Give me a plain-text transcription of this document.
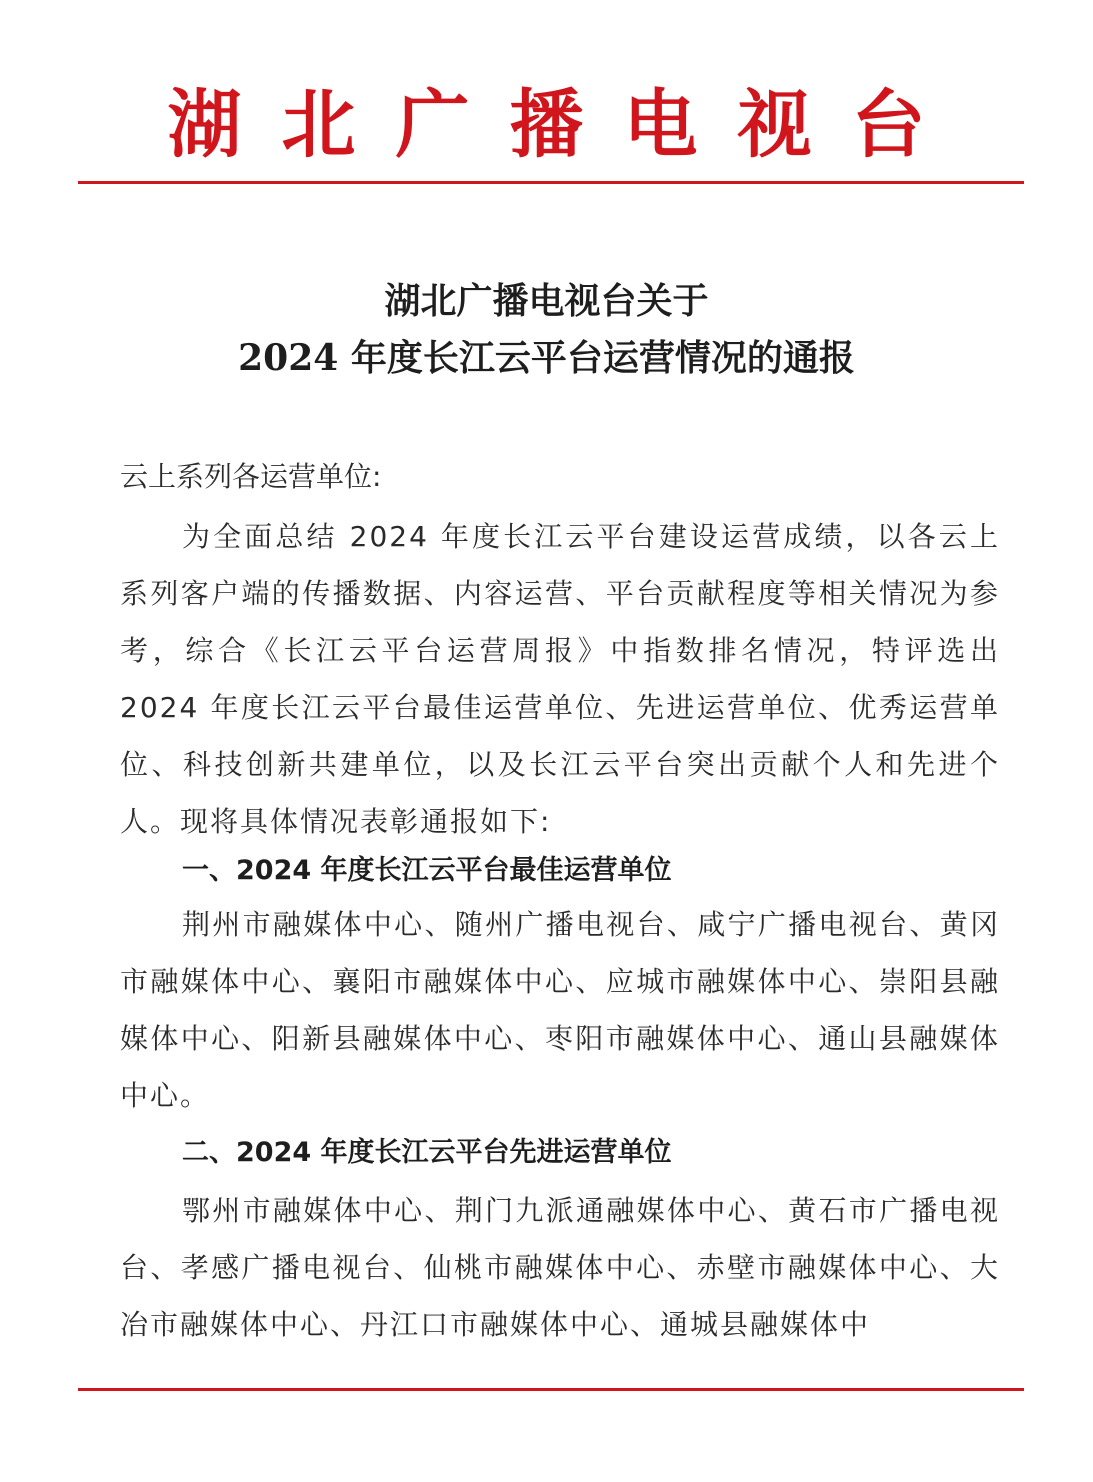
湖北广播电视台
湖北广播电视台关于
2024 年度长江云平台运营情况的通报
云上系列各运营单位:

为全面总结 2024 年度长江云平台建设运营成绩，以各云上系列客户端的传播数据、内容运营、平台贡献程度等相关情况为参考，综合《长江云平台运营周报》中指数排名情况，特评选出 2024 年度长江云平台最佳运营单位、先进运营单位、优秀运营单位、科技创新共建单位，以及长江云平台突出贡献个人和先进个人。现将具体情况表彰通报如下:

一、2024 年度长江云平台最佳运营单位

荆州市融媒体中心、随州广播电视台、咸宁广播电视台、黄冈市融媒体中心、襄阳市融媒体中心、应城市融媒体中心、崇阳县融媒体中心、阳新县融媒体中心、枣阳市融媒体中心、通山县融媒体中心。

二、2024 年度长江云平台先进运营单位

鄂州市融媒体中心、荆门九派通融媒体中心、黄石市广播电视台、孝感广播电视台、仙桃市融媒体中心、赤壁市融媒体中心、大冶市融媒体中心、丹江口市融媒体中心、通城县融媒体中
